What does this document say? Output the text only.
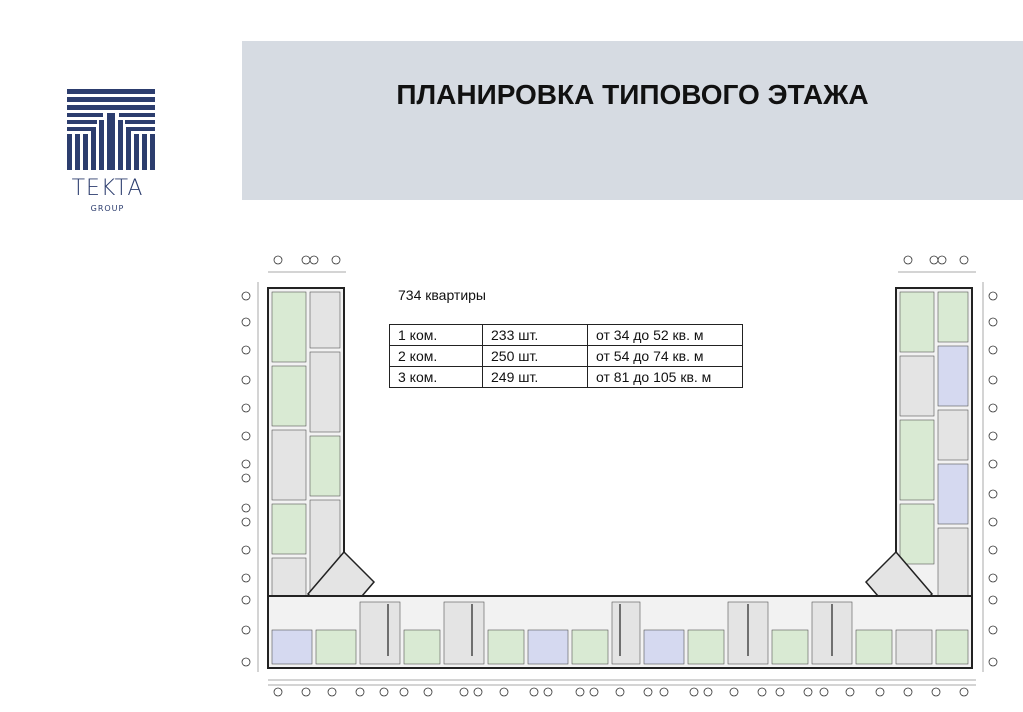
TEKTA
GROUP
ПЛАНИРОВКА ТИПОВОГО ЭТАЖА
734 квартиры
1 ком.	233 шт.	от 34 до 52 кв. м
2 ком.	250 шт.	от 54 до 74 кв. м
3 ком.	249 шт.	от 81 до 105 кв. м
